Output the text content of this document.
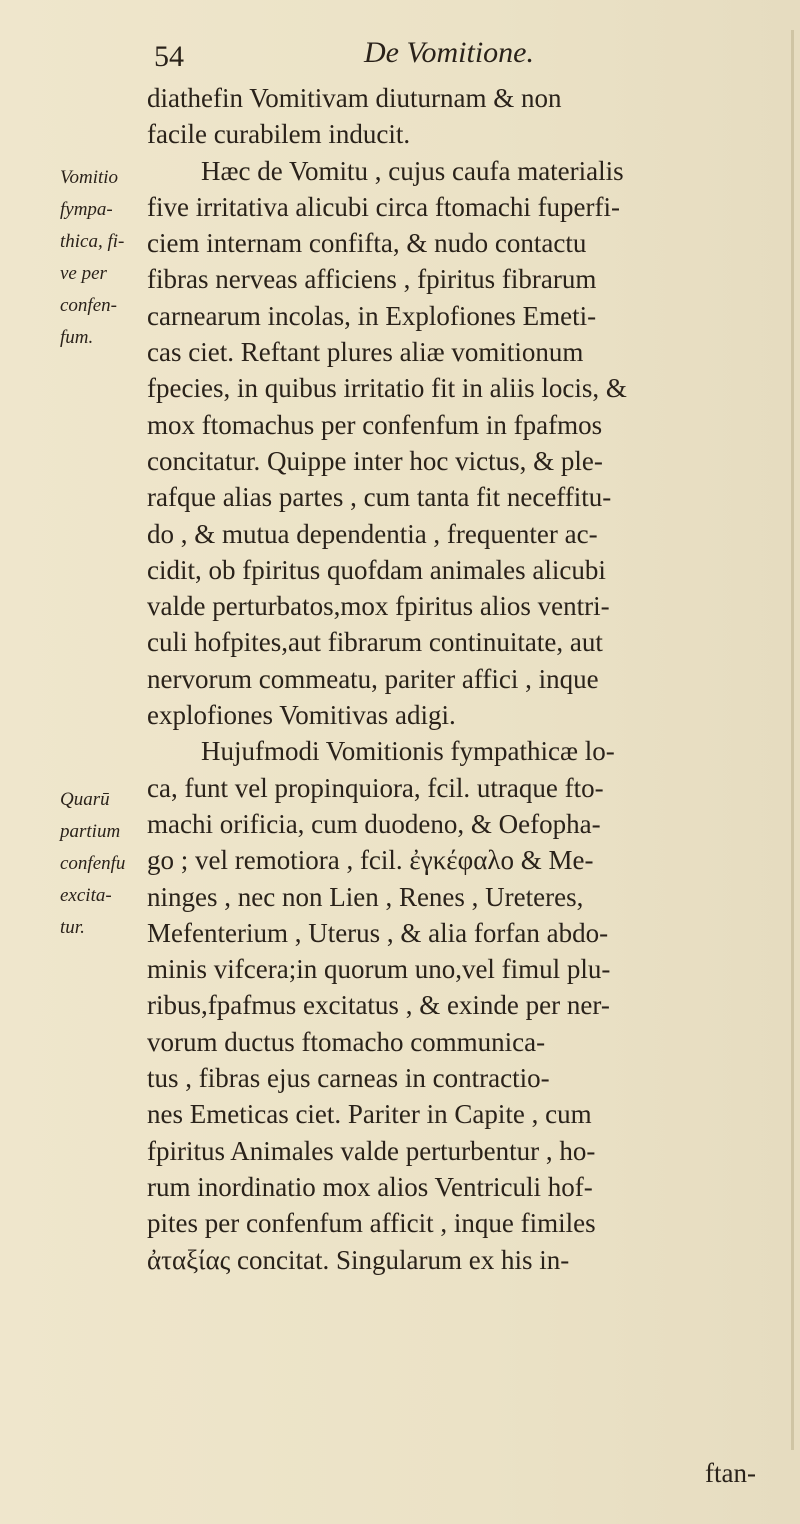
54	De Vomitione.
Vomitio
fympa-
thica, fi-
ve per
confen-
fum.
Quarū
partium
confenfu
excita-
tur.
diathefin Vomitivam diuturnam & non
facile curabilem inducit.
Hæc de Vomitu , cujus caufa materialis
five irritativa alicubi circa ftomachi fuperfi-
ciem internam confifta, & nudo contactu
fibras nerveas afficiens , fpiritus fibrarum
carnearum incolas, in Explofiones Emeti-
cas ciet. Reftant plures aliæ vomitionum
fpecies, in quibus irritatio fit in aliis locis, &
mox ftomachus per confenfum in fpafmos
concitatur. Quippe inter hoc victus, & ple-
rafque alias partes , cum tanta fit neceffitu-
do , & mutua dependentia , frequenter ac-
cidit, ob fpiritus quofdam animales alicubi
valde perturbatos,mox fpiritus alios ventri-
culi hofpites,aut fibrarum continuitate, aut
nervorum commeatu, pariter affici , inque
explofiones Vomitivas adigi.
Hujufmodi Vomitionis fympathicæ lo-
ca, funt vel propinquiora, fcil. utraque fto-
machi orificia, cum duodeno, & Oefopha-
go ; vel remotiora , fcil. ἐγκέφαλο & Me-
ninges , nec non Lien , Renes , Ureteres,
Mefenterium , Uterus , & alia forfan abdo-
minis vifcera;in quorum uno,vel fimul plu-
ribus,fpafmus excitatus , & exinde per ner-
vorum ductus ftomacho communica-
tus , fibras ejus carneas in contractio-
nes Emeticas ciet. Pariter in Capite , cum
fpiritus Animales valde perturbentur , ho-
rum inordinatio mox alios Ventriculi hof-
pites per confenfum afficit , inque fimiles
ἀταξίας concitat. Singularum ex his in-
ftan-
